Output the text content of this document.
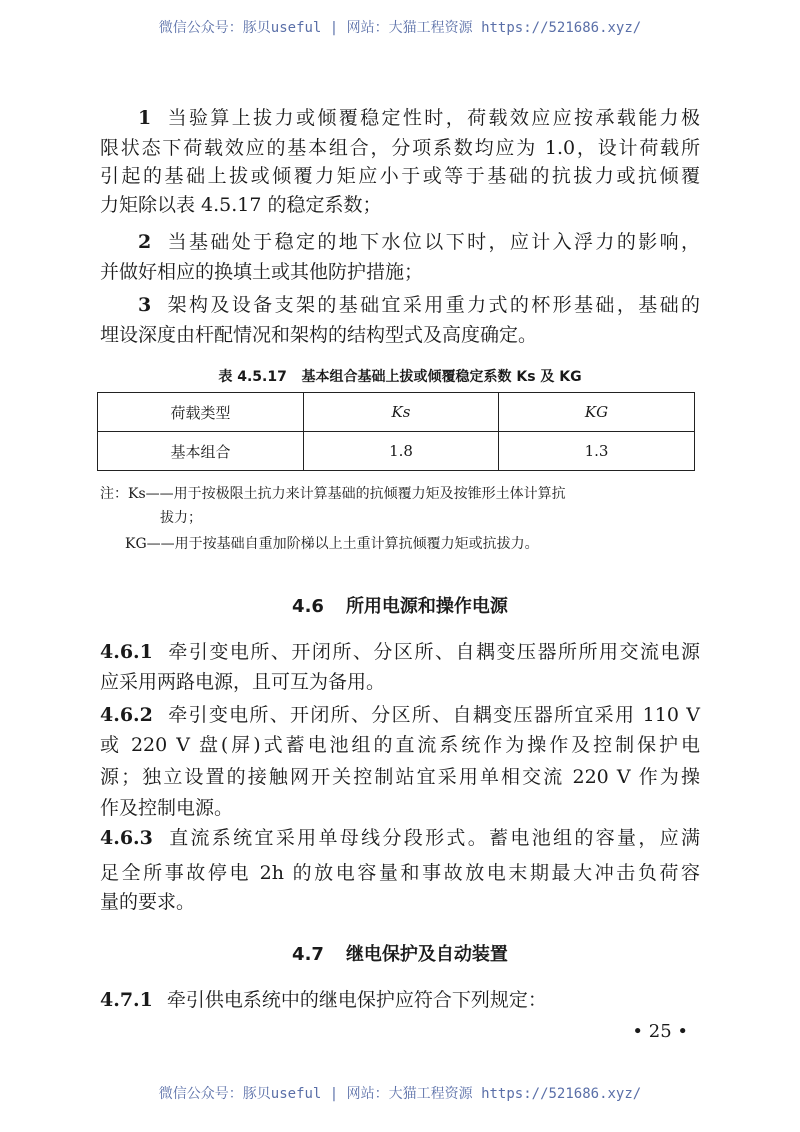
微信公众号：豚贝useful | 网站：大猫工程资源 https://521686.xyz/
1 当验算上拔力或倾覆稳定性时，荷载效应应按承载能力极
限状态下荷载效应的基本组合，分项系数均应为 1.0，设计荷载所
引起的基础上拔或倾覆力矩应小于或等于基础的抗拔力或抗倾覆
力矩除以表 4.5.17 的稳定系数；
2 当基础处于稳定的地下水位以下时，应计入浮力的影响，
并做好相应的换填土或其他防护措施；
3 架构及设备支架的基础宜采用重力式的杯形基础，基础的
埋设深度由杆配情况和架构的结构型式及高度确定。
表 4.5.17 基本组合基础上拔或倾覆稳定系数 Ks 及 KG
荷载类型	Ks	KG
基本组合	1.8	1.3
注：Ks——用于按极限土抗力来计算基础的抗倾覆力矩及按锥形土体计算抗
拔力；
KG——用于按基础自重加阶梯以上土重计算抗倾覆力矩或抗拔力。
4.6 所用电源和操作电源
4.6.1 牵引变电所、开闭所、分区所、自耦变压器所所用交流电源
应采用两路电源，且可互为备用。
4.6.2 牵引变电所、开闭所、分区所、自耦变压器所宜采用 110 V
或 220 V 盘(屏)式蓄电池组的直流系统作为操作及控制保护电
源；独立设置的接触网开关控制站宜采用单相交流 220 V 作为操
作及控制电源。
4.6.3 直流系统宜采用单母线分段形式。蓄电池组的容量，应满
足全所事故停电 2h 的放电容量和事故放电末期最大冲击负荷容
量的要求。
4.7 继电保护及自动装置
4.7.1 牵引供电系统中的继电保护应符合下列规定：
• 25 •
微信公众号：豚贝useful | 网站：大猫工程资源 https://521686.xyz/
